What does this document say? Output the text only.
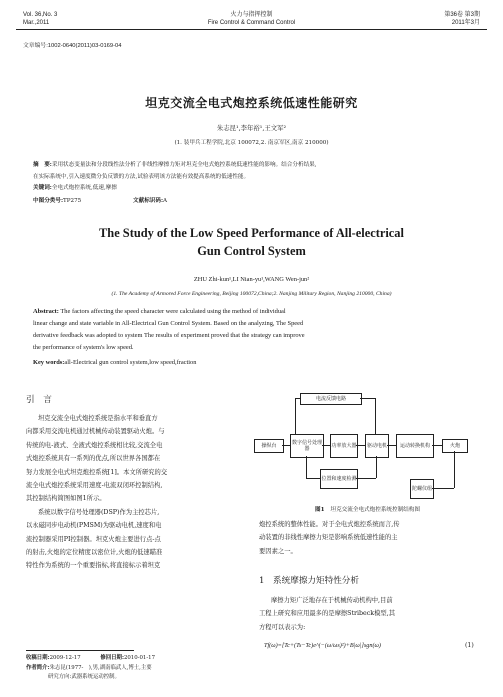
Vol. 36,No. 3
Mar.,2011
火力与指挥控制
Fire Control & Command Control
第36卷 第3期
2011年3月
文章编号:1002-0640(2011)03-0169-04
坦克交流全电式炮控系统低速性能研究
朱志昆¹,李年裕¹,王文军²
(1. 装甲兵工程学院,北京 100072,2. 南京军区,南京 210000)
摘　要:采用状态变量法和分段线性法分析了非线性摩擦力矩对坦克全电式炮控系统低速性能的影响。结合分析结果,
在实际系统中,引入速度微分负反馈的方法,试验表明该方法能有效提高系统的低速性能。
关键词:全电式炮控系统,低速,摩擦
中图分类号:TP275	文献标识码:A
The Study of the Low Speed Performance of All-electrical
Gun Control System
ZHU Zhi-kun¹,LI Nian-yu¹,WANG Wen-jun²
(1. The Academy of Armored Force Engineering, Beijing 100072,China;2. Nanjing Military Region, Nanjing 210000, China)
Abstract: The factors affecting the speed character were calculated using the method of individual
linear change and state variable in All-Electrical Gun Control System. Based on the analyzing, The Speed
derivative feedback was adopted to system The results of experiment proved that the strategy can improve
the performance of system's low speed.
Key words:all-Electrical gun control system,low speed,fraction
引　言
坦克交流全电式炮控系统是指水平和垂直方
向都采用交流电机通过机械传动装置驱动火炮。与
传统的电-液式、全液式炮控系统相比较,交流全电
式炮控系统具有一系列的优点,所以世界各国都在
努力发展全电式坦克炮控系统[1]。本文所研究的交
流全电式炮控系统采用速度-电流双闭环控制结构,
其控制结构简图如图1所示。
系统以数字信号处理器(DSP)作为主控芯片,
以永磁同步电动机(PMSM)为驱动电机,速度和电
流控制器采用PI控制器。坦克火炮主要进行点-点
的射击,火炮的定位精度以密位计,火炮的低速瞄准
特性作为系统的一个重要指标,将直接标示着坦克
收稿日期:2009-12-17	修回日期:2010-01-17
作者简介:朱志昆(1977-　),男,湖南临武人,博士,主要
研究方向:武器系统运动控制。
电流反馈电路
操纵台	数字信号处理器	功率放大器	驱动电机	运动转换机构	火炮
位置和速度检测
陀螺仪组
图1 坦克交流全电式炮控系统控制结构图
炮控系统的整体性能。对于全电式炮控系统而言,传
动装置的非线性摩擦力矩是影响系统低速性能的主
要因素之一。
1　系统摩擦力矩特性分析
摩擦力矩广泛地存在于机械传动机构中,目前
工程上研究和应用最多的是摩擦Stribeck模型,其
方程可以表示为:
Tf(ω)=[Tc+(Ts−Tc)e^(−(ω/ωs)²)+B|ω|]sgn(ω)	(1)
